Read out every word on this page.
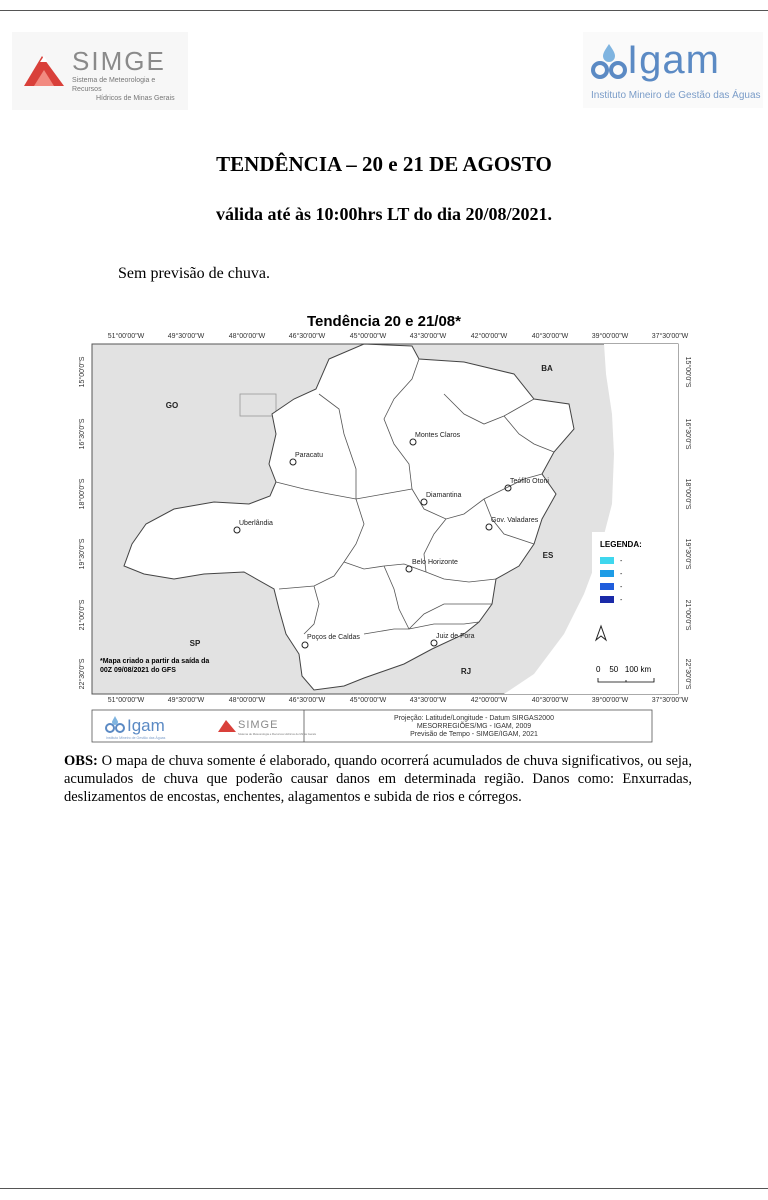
SIMGE
Sistema de Meteorologia e Recursos
Hídricos de Minas Gerais
Igam
Instituto Mineiro de Gestão das Águas
TENDÊNCIA – 20 e 21 DE AGOSTO
válida até às 10:00hrs LT do dia 20/08/2021.
Sem previsão de chuva.
Tendência 20 e 21/08*
51°00'00"W	49°30'00"W	48°00'00"W	46°30'00"W	45°00'00"W	43°30'00"W	42°00'00"W	40°30'00"W	39°00'00"W	37°30'00"W
51°00'00"W	49°30'00"W	48°00'00"W	46°30'00"W	45°00'00"W	43°30'00"W	42°00'00"W	40°30'00"W	39°00'00"W	37°30'00"W
15°00'0"S
16°30'0"S
18°00'0"S
19°30'0"S
21°00'0"S
22°30'0"S
15°00'0"S
16°30'0"S
18°00'0"S
19°30'0"S
21°00'0"S
22°30'0"S
BA
GO
ES
SP
RJ
Montes Claros
Paracatu
Teófilo Otoni
Diamantina
Gov. Valadares
Uberlândia
Belo Horizonte
Juiz de Fora
Poços de Caldas
LEGENDA:
-
-
-
-
A
0    50   100 km
*Mapa criado a partir da saída da
00Z 09/08/2021 do GFS
Igam
Instituto Mineiro de Gestão das Águas
SIMGE
Sistema de Meteorologia e Recursos Hídricos de Minas Gerais
Projeção: Latitude/Longitude - Datum SIRGAS2000
MESORREGIÕES/MG - IGAM, 2009
Previsão de Tempo - SIMGE/IGAM, 2021
OBS: O mapa de chuva somente é elaborado, quando ocorrerá acumulados de chuva significativos, ou seja, acumulados de chuva que poderão causar danos em determinada região. Danos como: Enxurradas, deslizamentos de encostas, enchentes, alagamentos e subida de rios e córregos.
